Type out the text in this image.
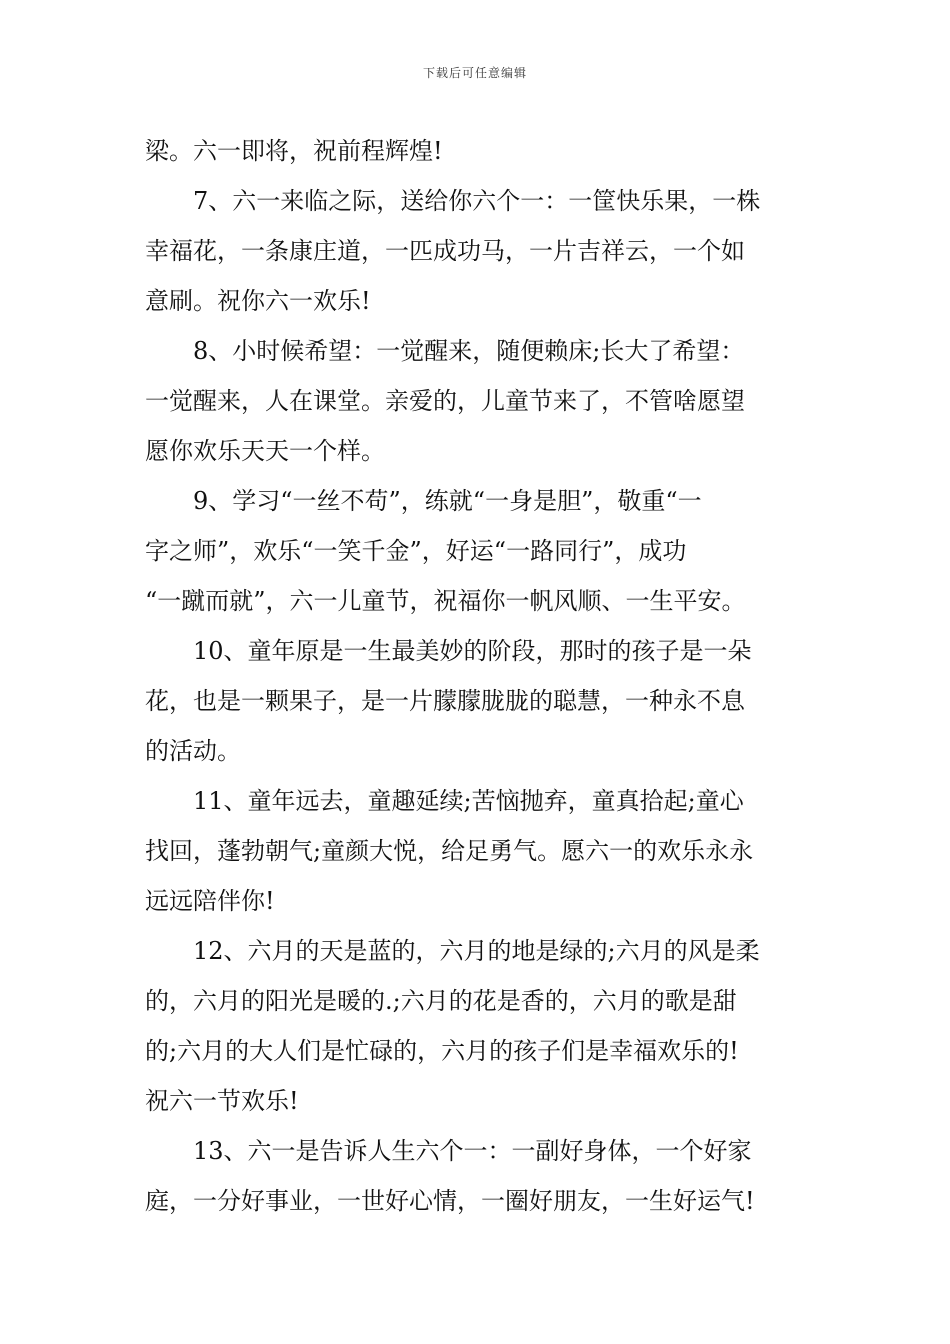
下载后可任意编辑
梁。六一即将，祝前程辉煌!
　　7、六一来临之际，送给你六个一：一筐快乐果，一株
幸福花，一条康庄道，一匹成功马，一片吉祥云，一个如
意刷。祝你六一欢乐!
　　8、小时候希望：一觉醒来，随便赖床;长大了希望：
一觉醒来，人在课堂。亲爱的，儿童节来了，不管啥愿望
愿你欢乐天天一个样。
　　9、学习“一丝不苟”，练就“一身是胆”，敬重“一
字之师”，欢乐“一笑千金”，好运“一路同行”，成功
“一蹴而就”，六一儿童节，祝福你一帆风顺、一生平安。
　　10、童年原是一生最美妙的阶段，那时的孩子是一朵
花，也是一颗果子，是一片朦朦胧胧的聪慧，一种永不息
的活动。
　　11、童年远去，童趣延续;苦恼抛弃，童真拾起;童心
找回，蓬勃朝气;童颜大悦，给足勇气。愿六一的欢乐永永
远远陪伴你!
　　12、六月的天是蓝的，六月的地是绿的;六月的风是柔
的，六月的阳光是暖的.;六月的花是香的，六月的歌是甜
的;六月的大人们是忙碌的，六月的孩子们是幸福欢乐的!
祝六一节欢乐!
　　13、六一是告诉人生六个一：一副好身体，一个好家
庭，一分好事业，一世好心情，一圈好朋友，一生好运气!
